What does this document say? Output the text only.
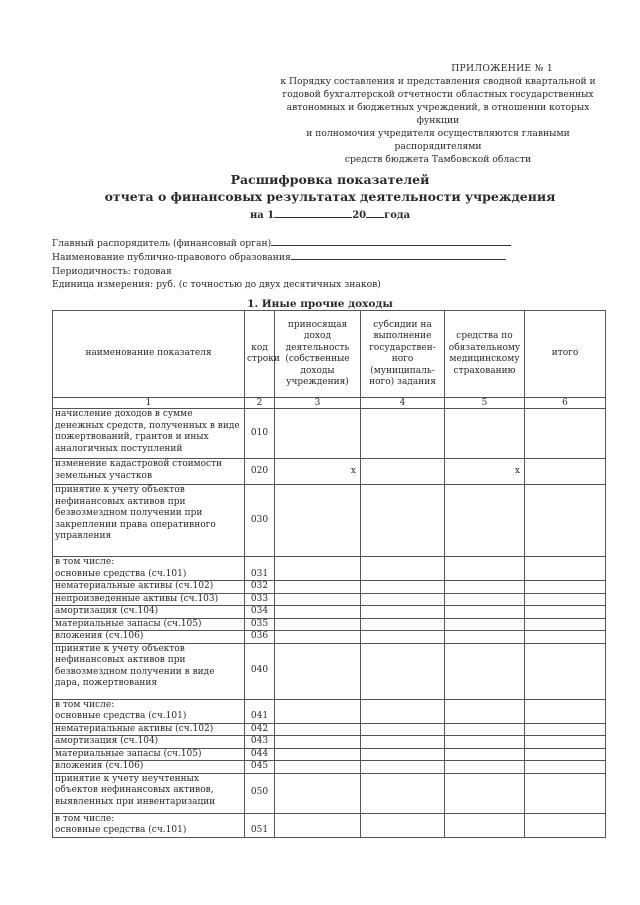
ПРИЛОЖЕНИЕ № 1
к Порядку составления и представления сводной квартальной и
годовой бухгалтерской отчетности областных государственных
автономных и бюджетных учреждений, в отношении которых функции
и полномочия учредителя осуществляются главными распорядителями
средств бюджета Тамбовской области
Расшифровка показателей
отчета о финансовых результатах деятельности учреждения
на 1	20 года
Главный распорядитель (финансовый орган)
Наименование публично-правового образования
Периодичность: годовая
Единица измерения: руб. (с точностью до двух десятичных знаков)
1. Иные прочие доходы
наименование показателя	код строки	приносящая доход деятельность (собственные доходы учреждения)	субсидии на выполнение государствен-ного (муниципаль-ного) задания	средства по обязательному медицинскому страхованию	итого
1	2	3	4	5	6
начисление доходов в сумме денежных средств, полученных в виде пожертвований, грантов и иных аналогичных поступлений	010				
изменение кадастровой стоимости земельных участков	020	x		x	
принятие к учету объектов нефинансовых активов при безвозмездном получении при закреплении права оперативного управления	030				

в том числе:
основные средства (сч.101)	031				
нематериальные активы (сч.102)	032				
непроизведенные активы (сч.103)	033				
амортизация (сч.104)	034				
материальные запасы (сч.105)	035				
вложения (сч.106)	036				
принятие к учету объектов нефинансовых активов при безвозмездном получении в виде дара, пожертвования	040				

в том числе:
основные средства (сч.101)	041				
нематериальные активы (сч.102)	042				
амортизация (сч.104)	043				
материальные запасы (сч.105)	044				
вложения (сч.106)	045				
принятие к учету неучтенных объектов нефинансовых активов, выявленных при инвентаризации	050				

в том числе:
основные средства (сч.101)	051				
